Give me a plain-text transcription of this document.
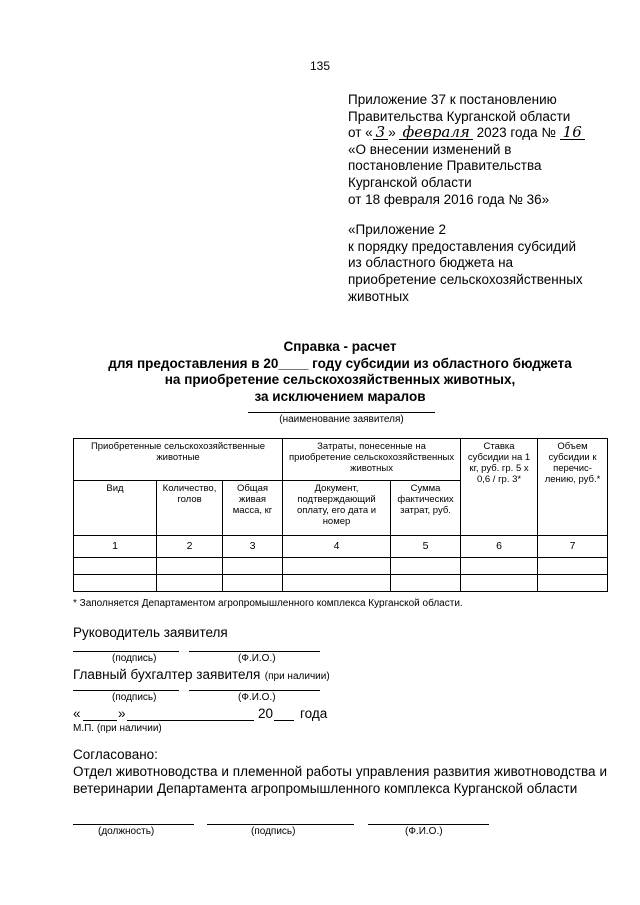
135
Приложение 37 к постановлению
Правительства Курганской области
от « 3 » февраля 2023 года № 16
«О внесении изменений в
постановление Правительства
Курганской области
от 18 февраля 2016 года № 36»
«Приложение 2
к порядку предоставления субсидий
из областного бюджета на
приобретение сельскохозяйственных
животных
Справка - расчет
для предоставления в 20____ году субсидии из областного бюджета
на приобретение сельскохозяйственных животных,
за исключением маралов
(наименование заявителя)
Приобретенные сельскохозяйственные животные			Затраты, понесенные на приобретение сельскохозяйственных животных		Ставка субсидии на 1 кг, руб. гр. 5 х 0,6 / гр. 3*	Объем субсидии к перечис-лению, руб.*
Вид	Количество, голов	Общая живая масса, кг	Документ, подтверждающий оплату, его дата и номер	Сумма фактических затрат, руб.		
1	2	3	4	5	6	7

* Заполняется Департаментом агропромышленного комплекса Курганской области.
Руководитель заявителя
(подпись)	(Ф.И.О.)
Главный бухгалтер заявителя (при наличии)
(подпись)	(Ф.И.О.)
«	»	20 года
М.П. (при наличии)
Согласовано:
Отдел животноводства и племенной работы управления развития животноводства и ветеринарии Департамента агропромышленного комплекса Курганской области
(должность)	(подпись)	(Ф.И.О.)
